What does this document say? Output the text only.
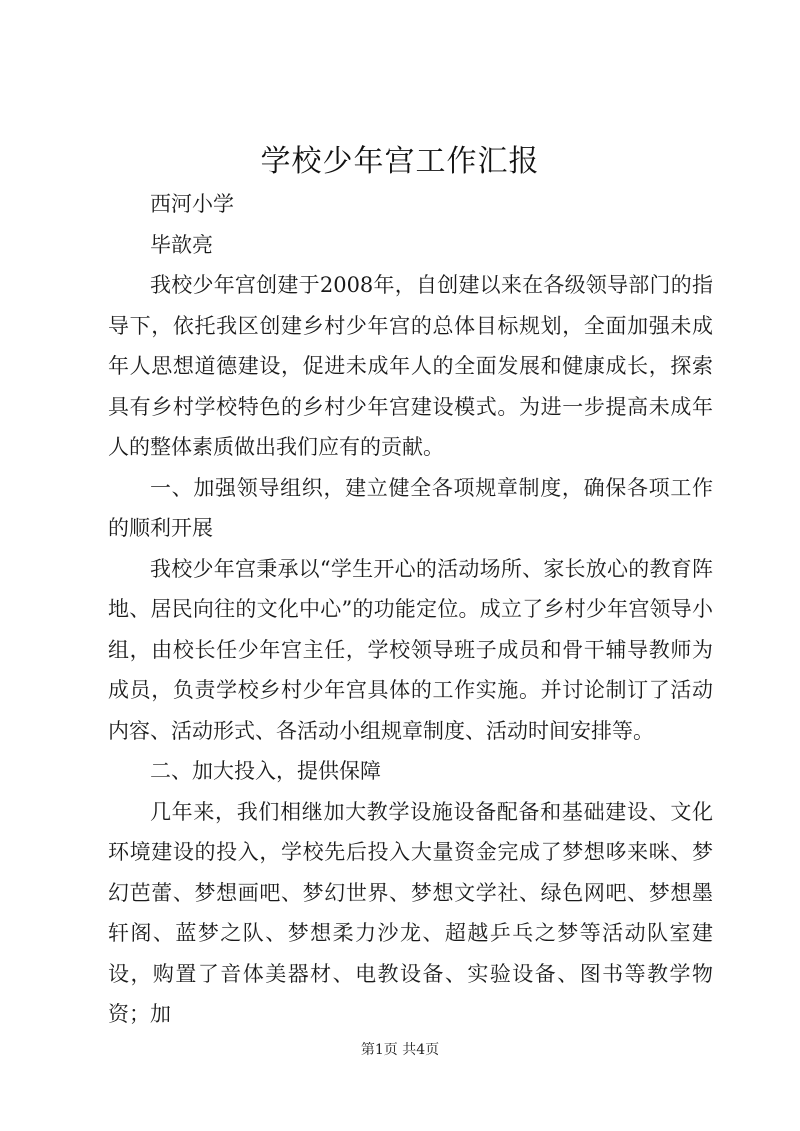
学校少年宫工作汇报

西河小学

毕歆亮

我校少年宫创建于2008年，自创建以来在各级领导部门的指导下，依托我区创建乡村少年宫的总体目标规划，全面加强未成年人思想道德建设，促进未成年人的全面发展和健康成长，探索具有乡村学校特色的乡村少年宫建设模式。为进一步提高未成年人的整体素质做出我们应有的贡献。

一、加强领导组织，建立健全各项规章制度，确保各项工作的顺利开展

我校少年宫秉承以“学生开心的活动场所、家长放心的教育阵地、居民向往的文化中心”的功能定位。成立了乡村少年宫领导小组，由校长任少年宫主任，学校领导班子成员和骨干辅导教师为成员，负责学校乡村少年宫具体的工作实施。并讨论制订了活动内容、活动形式、各活动小组规章制度、活动时间安排等。

二、加大投入，提供保障

几年来，我们相继加大教学设施设备配备和基础建设、文化环境建设的投入，学校先后投入大量资金完成了梦想哆来咪、梦幻芭蕾、梦想画吧、梦幻世界、梦想文学社、绿色网吧、梦想墨轩阁、蓝梦之队、梦想柔力沙龙、超越乒乓之梦等活动队室建设，购置了音体美器材、电教设备、实验设备、图书等教学物资；加

第1页 共4页
